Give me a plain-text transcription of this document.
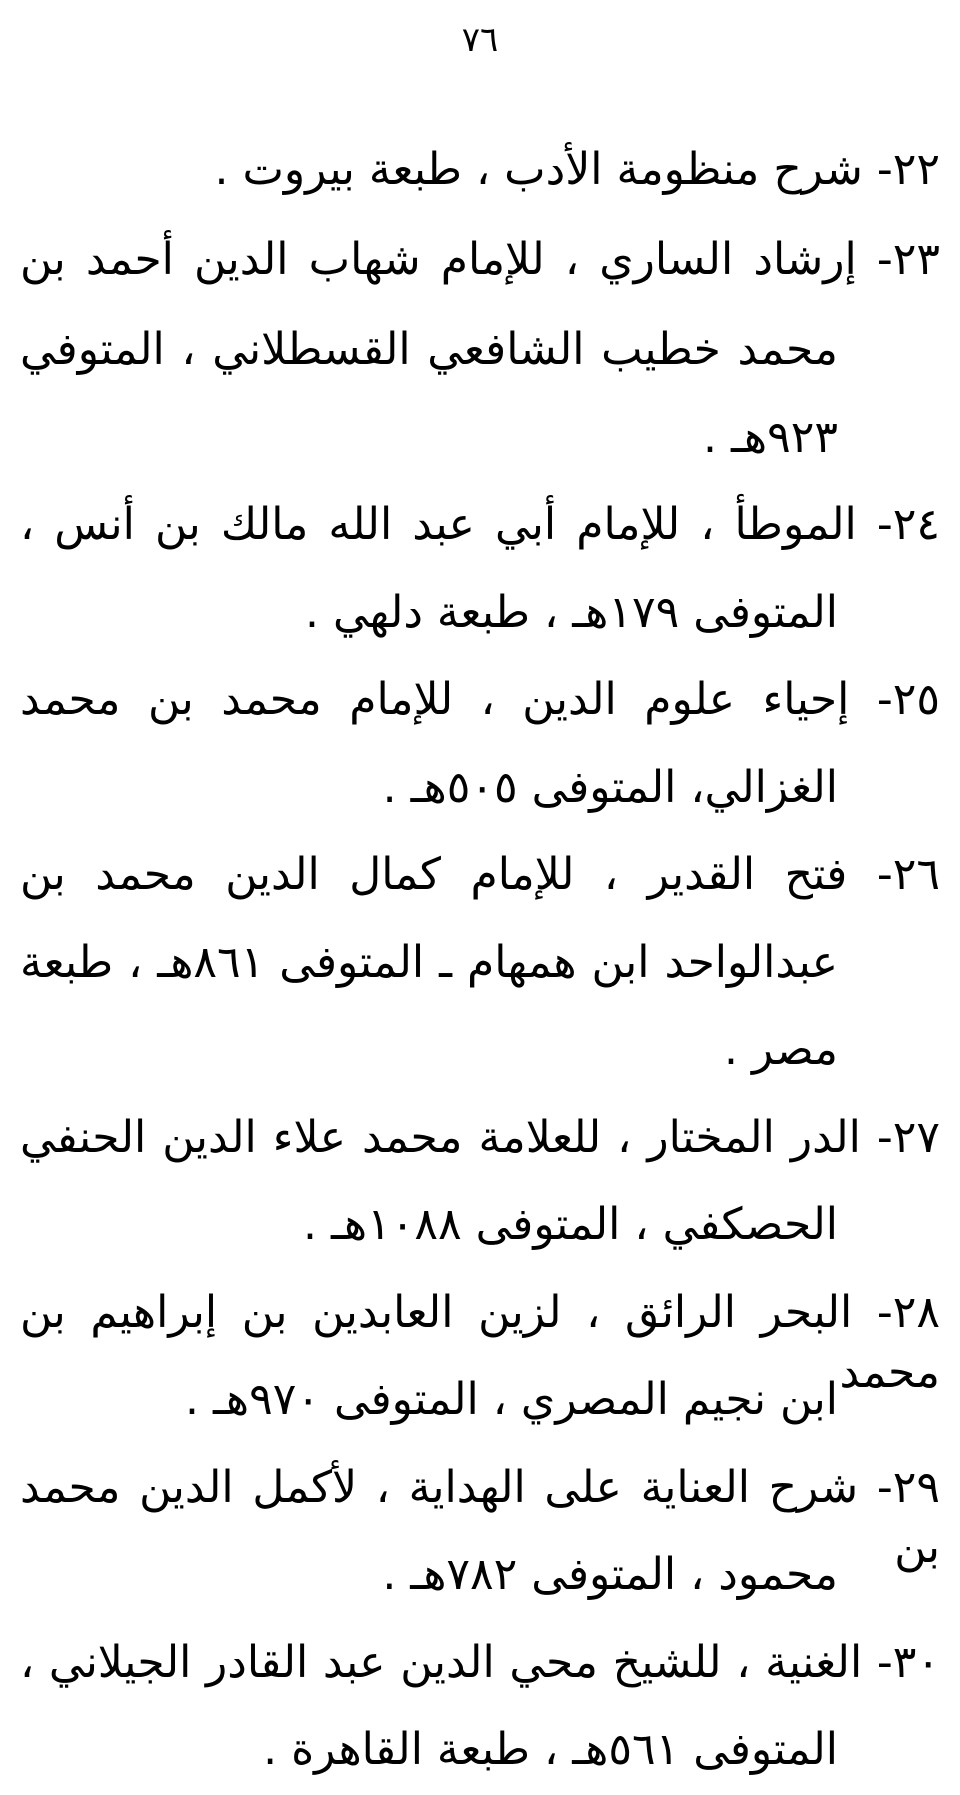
٧٦
٢٢- شرح منظومة الأدب ، طبعة بيروت .
٢٣- إرشاد الساري ، للإمام شهاب الدين أحمد بن
محمد خطيب الشافعي القسطلاني ، المتوفي
٩٢٣هـ .
٢٤- الموطأ ، للإمام أبي عبد الله مالك بن أنس ،
المتوفى ١٧٩هـ ، طبعة دلهي .
٢٥- إحياء علوم الدين ، للإمام محمد بن محمد
الغزالي، المتوفى ٥٠٥هـ .
٢٦- فتح القدير ، للإمام كمال الدين محمد بن
عبدالواحد ابن همهام ـ المتوفى ٨٦١هـ ، طبعة
مصر .
٢٧- الدر المختار ، للعلامة محمد علاء الدين الحنفي
الحصكفي ، المتوفى ١٠٨٨هـ .
٢٨- البحر الرائق ، لزين العابدين بن إبراهيم بن محمد
ابن نجيم المصري ، المتوفى ٩٧٠هـ .
٢٩- شرح العناية على الهداية ، لأكمل الدين محمد بن
محمود ، المتوفى ٧٨٢هـ .
٣٠- الغنية ، للشيخ محي الدين عبد القادر الجيلاني ،
المتوفى ٥٦١هـ ، طبعة القاهرة .
